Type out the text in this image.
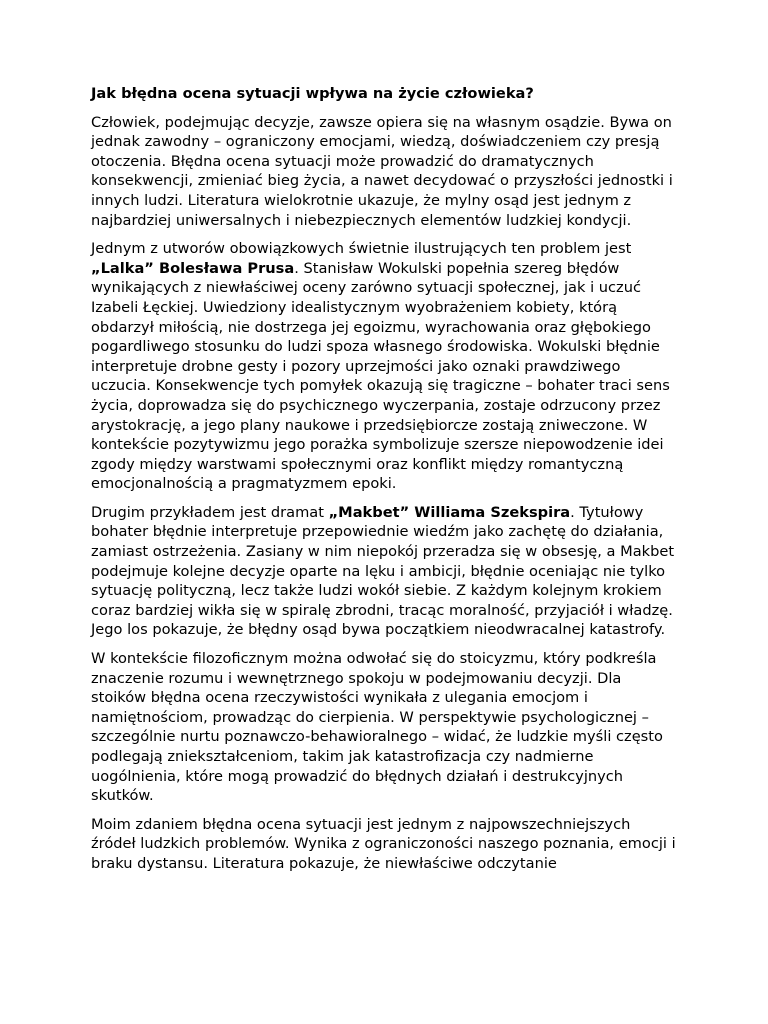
Jak błędna ocena sytuacji wpływa na życie człowieka?

Człowiek, podejmując decyzje, zawsze opiera się na własnym osądzie. Bywa on jednak zawodny – ograniczony emocjami, wiedzą, doświadczeniem czy presją otoczenia. Błędna ocena sytuacji może prowadzić do dramatycznych konsekwencji, zmieniać bieg życia, a nawet decydować o przyszłości jednostki i innych ludzi. Literatura wielokrotnie ukazuje, że mylny osąd jest jednym z najbardziej uniwersalnych i niebezpiecznych elementów ludzkiej kondycji.

Jednym z utworów obowiązkowych świetnie ilustrujących ten problem jest „Lalka” Bolesława Prusa. Stanisław Wokulski popełnia szereg błędów wynikających z niewłaściwej oceny zarówno sytuacji społecznej, jak i uczuć Izabeli Łęckiej. Uwiedziony idealistycznym wyobrażeniem kobiety, którą obdarzył miłością, nie dostrzega jej egoizmu, wyrachowania oraz głębokiego pogardliwego stosunku do ludzi spoza własnego środowiska. Wokulski błędnie interpretuje drobne gesty i pozory uprzejmości jako oznaki prawdziwego uczucia. Konsekwencje tych pomyłek okazują się tragiczne – bohater traci sens życia, doprowadza się do psychicznego wyczerpania, zostaje odrzucony przez arystokrację, a jego plany naukowe i przedsiębiorcze zostają zniweczone. W kontekście pozytywizmu jego porażka symbolizuje szersze niepowodzenie idei zgody między warstwami społecznymi oraz konflikt między romantyczną emocjonalnością a pragmatyzmem epoki.

Drugim przykładem jest dramat „Makbet” Williama Szekspira. Tytułowy bohater błędnie interpretuje przepowiednie wiedźm jako zachętę do działania, zamiast ostrzeżenia. Zasiany w nim niepokój przeradza się w obsesję, a Makbet podejmuje kolejne decyzje oparte na lęku i ambicji, błędnie oceniając nie tylko sytuację polityczną, lecz także ludzi wokół siebie. Z każdym kolejnym krokiem coraz bardziej wikła się w spiralę zbrodni, tracąc moralność, przyjaciół i władzę. Jego los pokazuje, że błędny osąd bywa początkiem nieodwracalnej katastrofy.

W kontekście filozoficznym można odwołać się do stoicyzmu, który podkreśla znaczenie rozumu i wewnętrznego spokoju w podejmowaniu decyzji. Dla stoików błędna ocena rzeczywistości wynikała z ulegania emocjom i namiętnościom, prowadząc do cierpienia. W perspektywie psychologicznej – szczególnie nurtu poznawczo-behawioralnego – widać, że ludzkie myśli często podlegają zniekształceniom, takim jak katastrofizacja czy nadmierne uogólnienia, które mogą prowadzić do błędnych działań i destrukcyjnych skutków.

Moim zdaniem błędna ocena sytuacji jest jednym z najpowszechniejszych źródeł ludzkich problemów. Wynika z ograniczoności naszego poznania, emocji i braku dystansu. Literatura pokazuje, że niewłaściwe odczytanie
